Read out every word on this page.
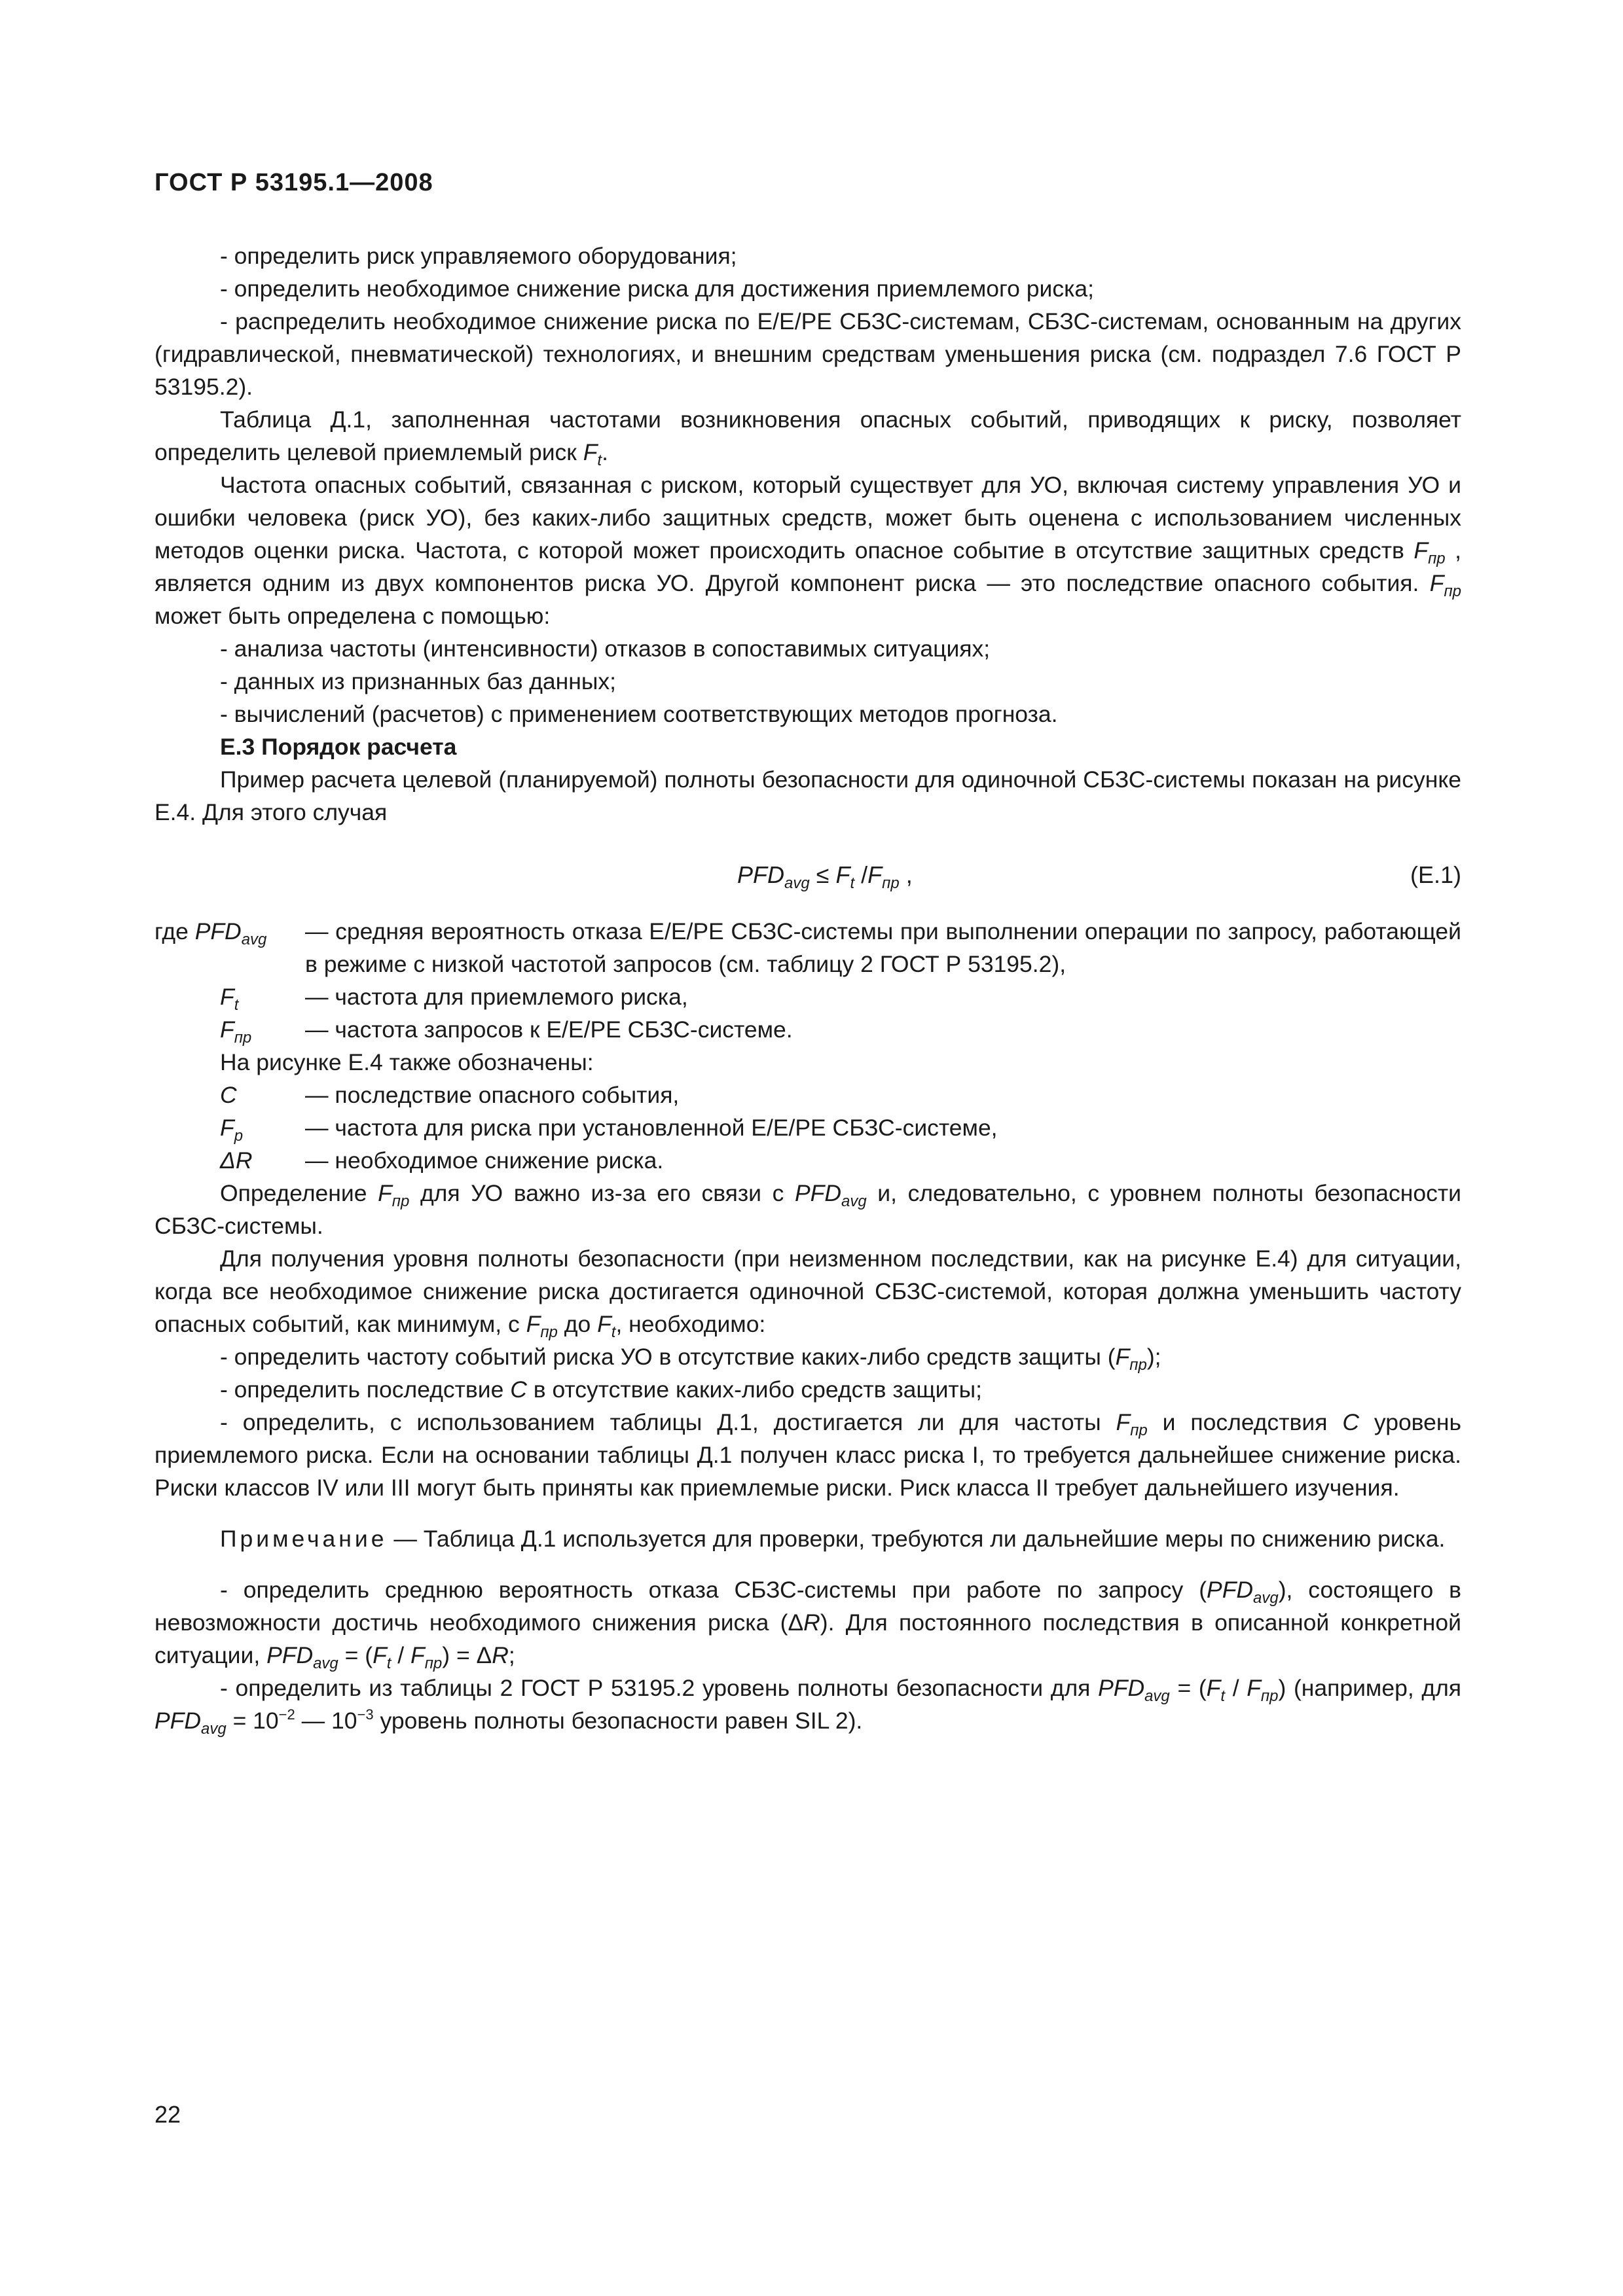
ГОСТ Р 53195.1—2008

- определить риск управляемого оборудования;

- определить необходимое снижение риска для достижения приемлемого риска;

- распределить необходимое снижение риска по Е/Е/РЕ СБЗС-системам, СБЗС-системам, основанным на других (гидравлической, пневматической) технологиях, и внешним средствам уменьшения риска (см. подраздел 7.6 ГОСТ Р 53195.2).

Таблица Д.1, заполненная частотами возникновения опасных событий, приводящих к риску, позволяет определить целевой приемлемый риск $F_t$.

Частота опасных событий, связанная с риском, который существует для УО, включая систему управления УО и ошибки человека (риск УО), без каких-либо защитных средств, может быть оценена с использованием численных методов оценки риска. Частота, с которой может происходить опасное событие в отсутствие защитных средств $F_{пр}$ , является одним из двух компонентов риска УО. Другой компонент риска — это последствие опасного события. $F_{пр}$ может быть определена с помощью:

- анализа частоты (интенсивности) отказов в сопоставимых ситуациях;

- данных из признанных баз данных;

- вычислений (расчетов) с применением соответствующих методов прогноза.

Е.3 Порядок расчета

Пример расчета целевой (планируемой) полноты безопасности для одиночной СБЗС-системы показан на рисунке Е.4. Для этого случая

$PFD_{avg} \le F_t$ $/F_{пр}$ ,	(Е.1)
где $PFD_{avg}$	— средняя вероятность отказа Е/Е/РЕ СБЗС-системы при выполнении операции по запросу, работающей в режиме с низкой частотой запросов (см. таблицу 2 ГОСТ Р 53195.2),
$F_t$	— частота для приемлемого риска,
$F_{пр}$	— частота запросов к Е/Е/РЕ СБЗС-системе.
На рисунке Е.4 также обозначены:
C	— последствие опасного события,
$F_p$	— частота для риска при установленной Е/Е/РЕ СБЗС-системе,
ΔR	— необходимое снижение риска.

Определение $F_{пр}$ для УО важно из-за его связи с $PFD_{avg}$ и, следовательно, с уровнем полноты безопасности СБЗС-системы.

Для получения уровня полноты безопасности (при неизменном последствии, как на рисунке Е.4) для ситуации, когда все необходимое снижение риска достигается одиночной СБЗС-системой, которая должна уменьшить частоту опасных событий, как минимум, с $F_{пр}$ до $F_t$, необходимо:

- определить частоту событий риска УО в отсутствие каких-либо средств защиты $(F_{пр})$;

- определить последствие C в отсутствие каких-либо средств защиты;

- определить, с использованием таблицы Д.1, достигается ли для частоты $F_{пр}$ и последствия C уровень приемлемого риска. Если на основании таблицы Д.1 получен класс риска I, то требуется дальнейшее снижение риска. Риски классов IV или III могут быть приняты как приемлемые риски. Риск класса II требует дальнейшего изучения.

Примечание — Таблица Д.1 используется для проверки, требуются ли дальнейшие меры по снижению риска.

- определить среднюю вероятность отказа СБЗС-системы при работе по запросу $(PFD_{avg})$, состоящего в невозможности достичь необходимого снижения риска (ΔR). Для постоянного последствия в описанной конкретной ситуации, $PFD_{avg} = (F_t / F_{пр}) = \Delta R$;

- определить из таблицы 2 ГОСТ Р 53195.2 уровень полноты безопасности для $PFD_{avg} = (F_t / F_{пр})$ (например, для $PFD_{avg} = 10^{-2}$ — $10^{-3}$ уровень полноты безопасности равен SIL 2).

22
